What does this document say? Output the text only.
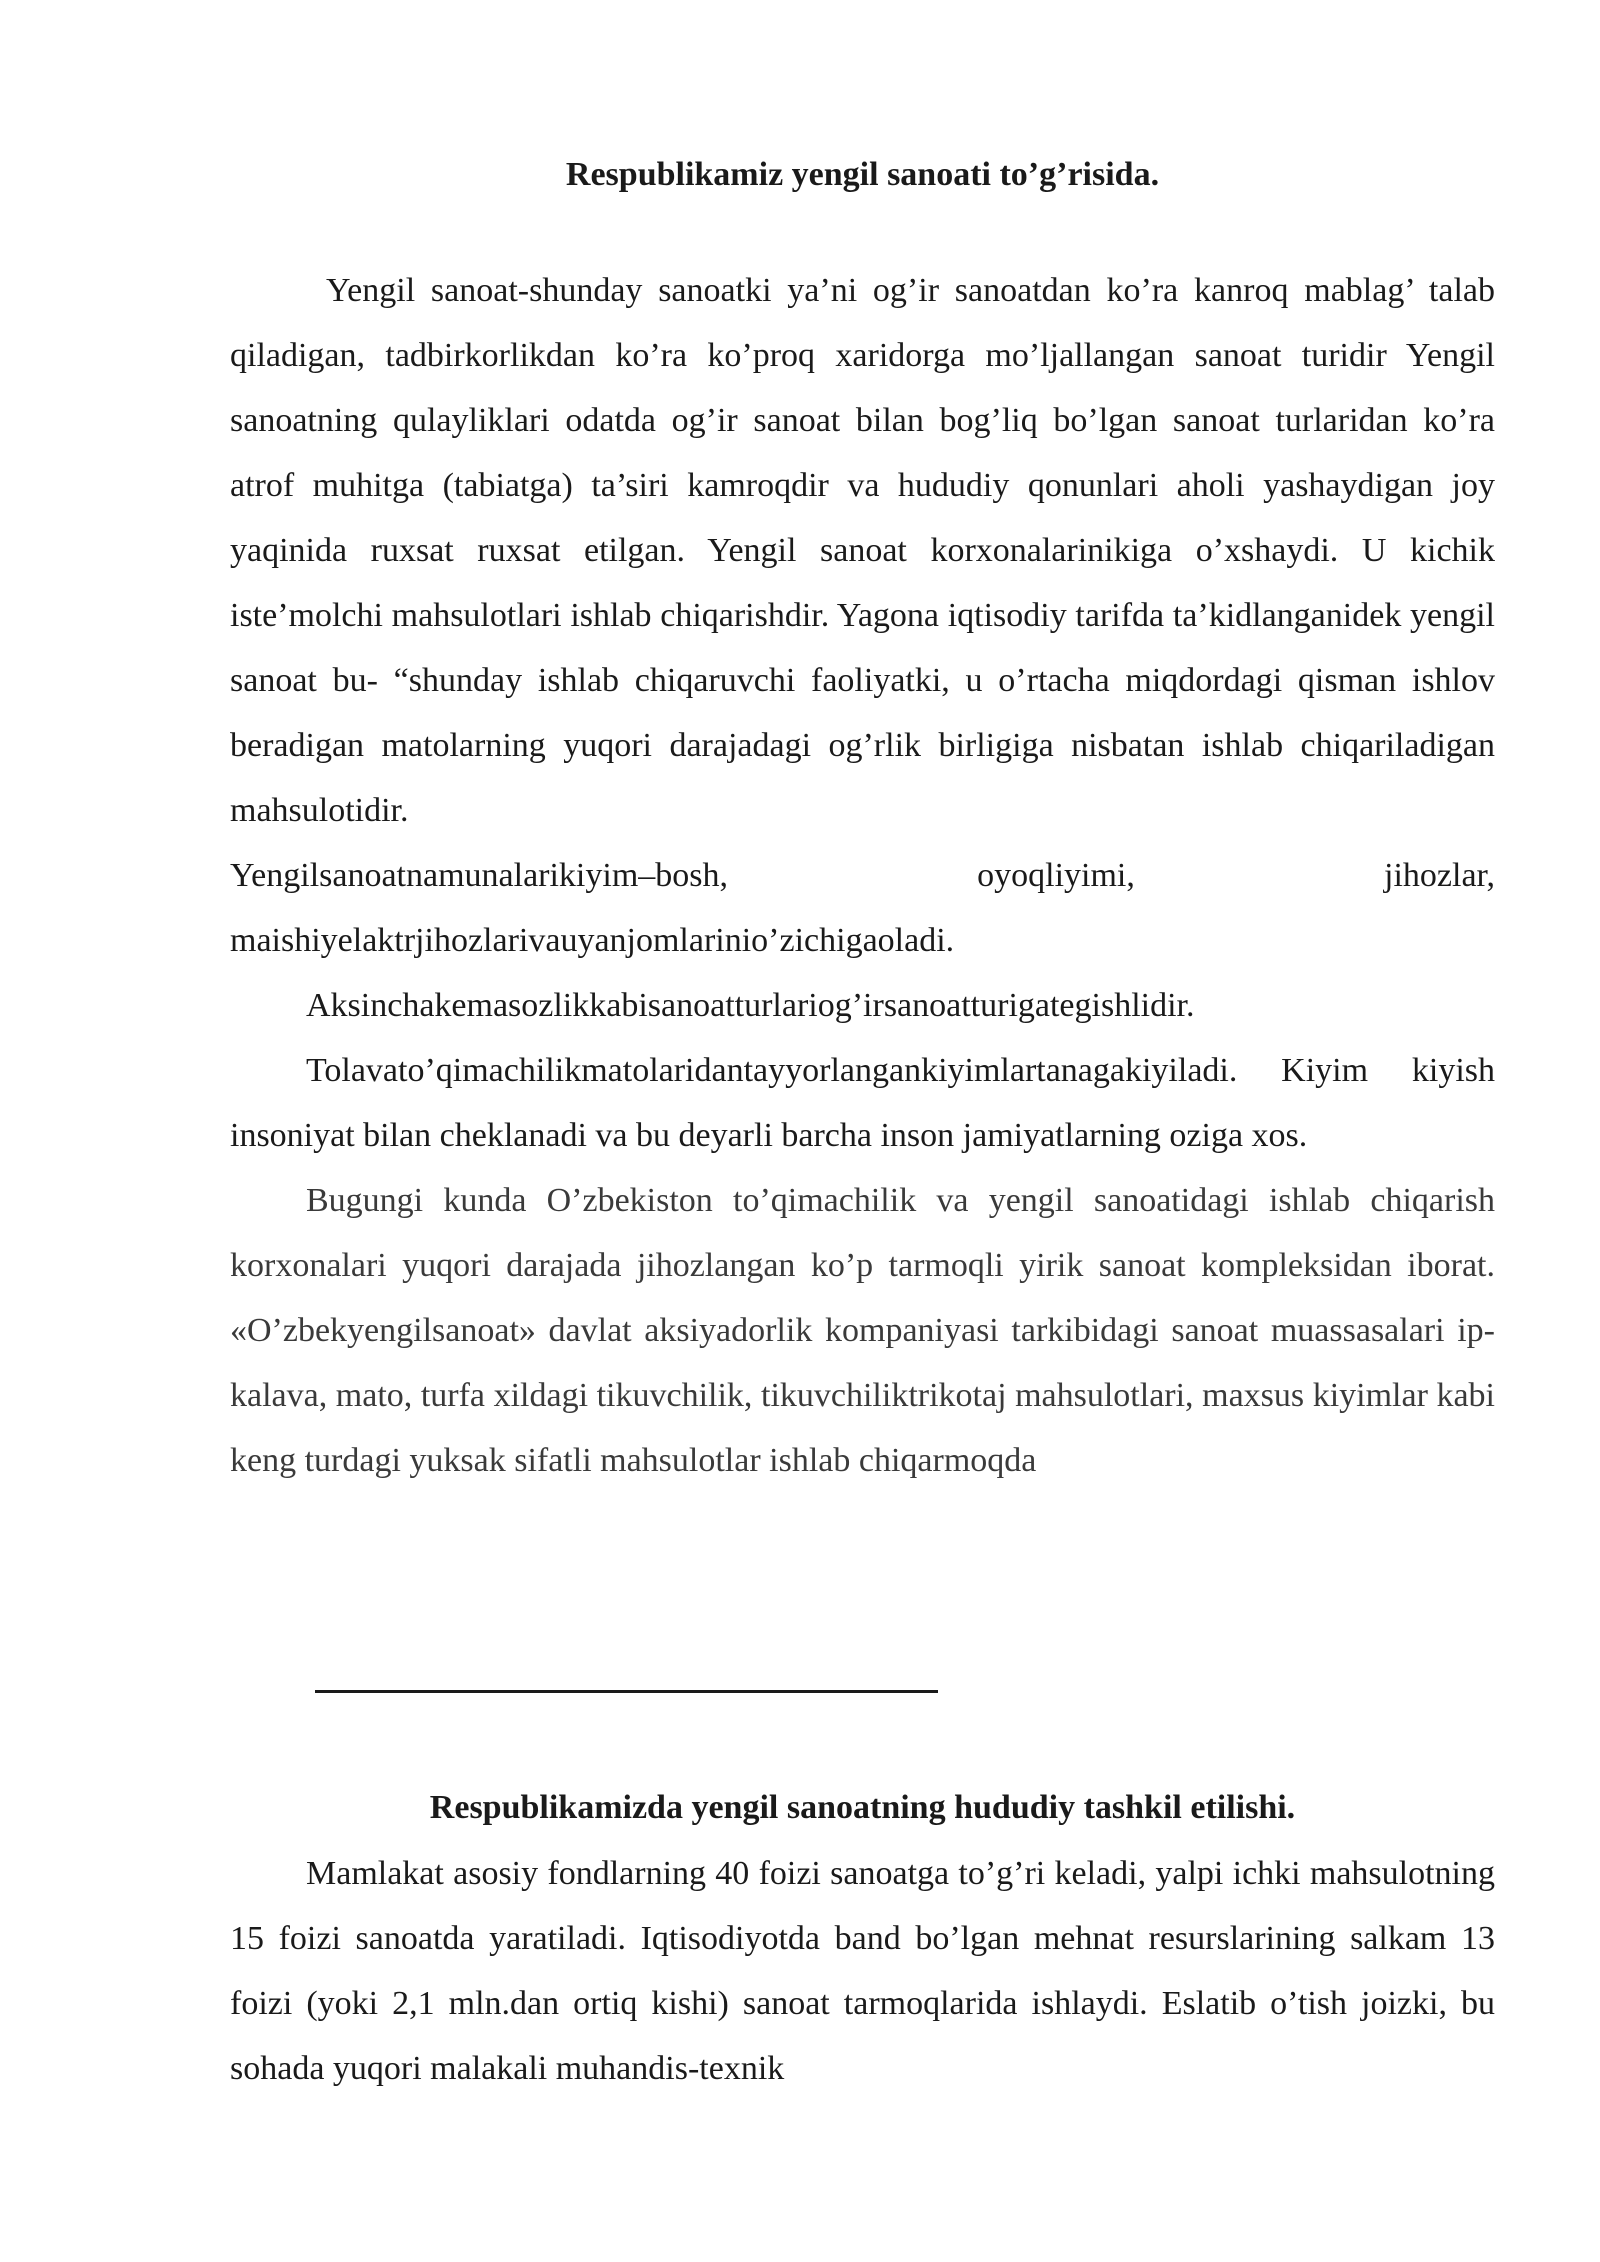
Respublikamiz yengil sanoati to’g’risida.

Yengil sanoat-shunday sanoatki ya’ni og’ir sanoatdan ko’ra kanroq mablag’ talab qiladigan, tadbirkorlikdan ko’ra ko’proq xaridorga mo’ljallangan sanoat turidir Yengil sanoatning qulayliklari odatda og’ir sanoat bilan bog’liq bo’lgan sanoat turlaridan ko’ra atrof muhitga (tabiatga) ta’siri kamroqdir va hududiy qonunlari aholi yashaydigan joy yaqinida ruxsat ruxsat etilgan. Yengil sanoat korxonalarinikiga o’xshaydi. U kichik iste’molchi mahsulotlari ishlab chiqarishdir. Yagona iqtisodiy tarifda ta’kidlanganidek yengil sanoat bu- “shunday ishlab chiqaruvchi faoliyatki, u o’rtacha miqdordagi qisman ishlov beradigan matolarning yuqori darajadagi og’rlik birligiga nisbatan ishlab chiqariladigan mahsulotidir.

Yengilsanoatnamunalarikiyim–bosh, oyoqliyimi, jihozlar,

maishiyelaktrjihozlarivauyanjomlarinio’zichigaoladi.

Aksinchakemasozlikkabisanoatturlariog’irsanoatturigategishlidir.

Tolavato’qimachilikmatolaridantayyorlangankiyimlartanagakiyiladi. Kiyim kiyish insoniyat bilan cheklanadi va bu deyarli barcha inson jamiyatlarning oziga xos.

Bugungi kunda O’zbekiston to’qimachilik va yengil sanoatidagi ishlab chiqarish korxonalari yuqori darajada jihozlangan ko’p tarmoqli yirik sanoat kompleksidan iborat. «O’zbekyengilsanoat» davlat aksiyadorlik kompaniyasi tarkibidagi sanoat muassasalari ip-kalava, mato, turfa xildagi tikuvchilik, tikuvchiliktrikotaj mahsulotlari, maxsus kiyimlar kabi keng turdagi yuksak sifatli mahsulotlar ishlab chiqarmoqda

Respublikamizda yengil sanoatning hududiy tashkil etilishi.

Mamlakat asosiy fondlarning 40 foizi sanoatga to’g’ri keladi, yalpi ichki mahsulotning 15 foizi sanoatda yaratiladi. Iqtisodiyotda band bo’lgan mehnat resurslarining salkam 13 foizi (yoki 2,1 mln.dan ortiq kishi) sanoat tarmoqlarida ishlaydi. Eslatib o’tish joizki, bu sohada yuqori malakali muhandis-texnik
